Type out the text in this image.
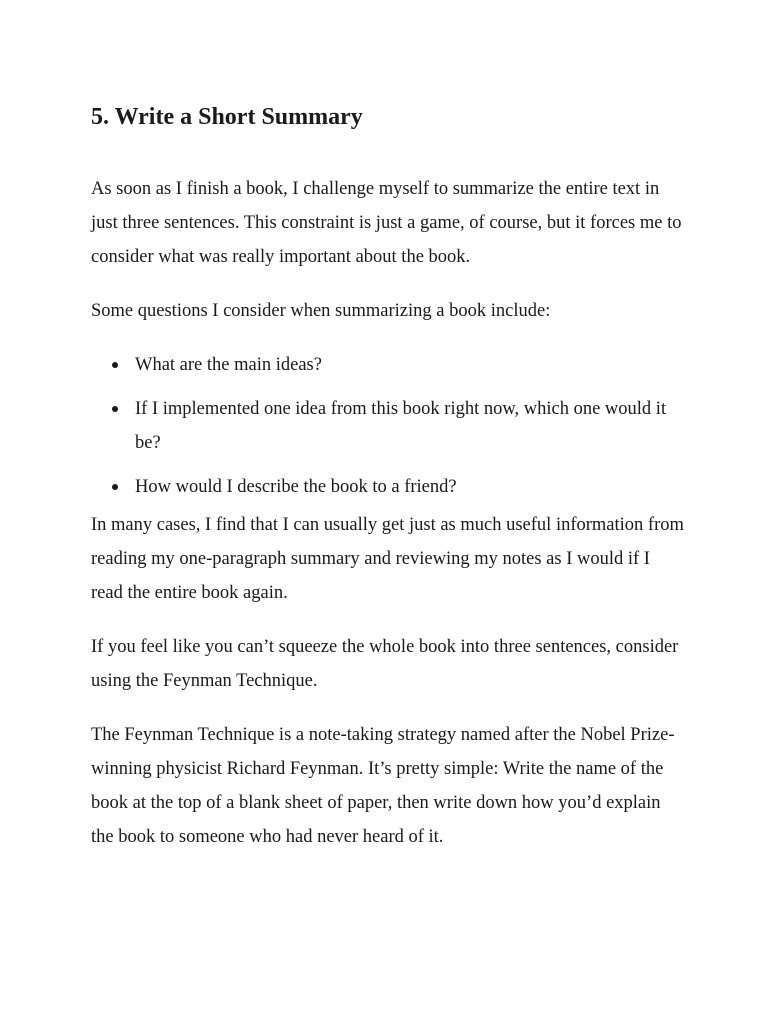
5. Write a Short Summary

As soon as I finish a book, I challenge myself to summarize the entire text in just three sentences. This constraint is just a game, of course, but it forces me to consider what was really important about the book.

Some questions I consider when summarizing a book include:

What are the main ideas?
If I implemented one idea from this book right now, which one would it be?
How would I describe the book to a friend?

In many cases, I find that I can usually get just as much useful information from reading my one-paragraph summary and reviewing my notes as I would if I read the entire book again.

If you feel like you can’t squeeze the whole book into three sentences, consider using the Feynman Technique.

The Feynman Technique is a note-taking strategy named after the Nobel Prize-winning physicist Richard Feynman. It’s pretty simple: Write the name of the book at the top of a blank sheet of paper, then write down how you’d explain the book to someone who had never heard of it.
